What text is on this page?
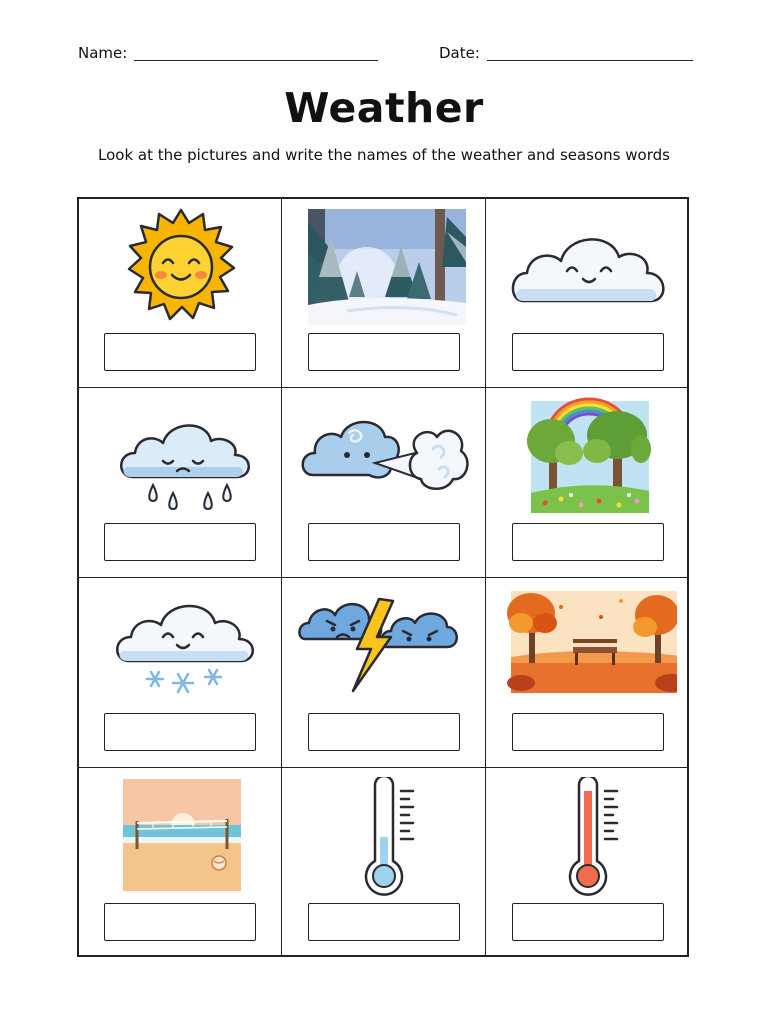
Name:	Date:
Weather
Look at the pictures and write the names of the weather and seasons words
